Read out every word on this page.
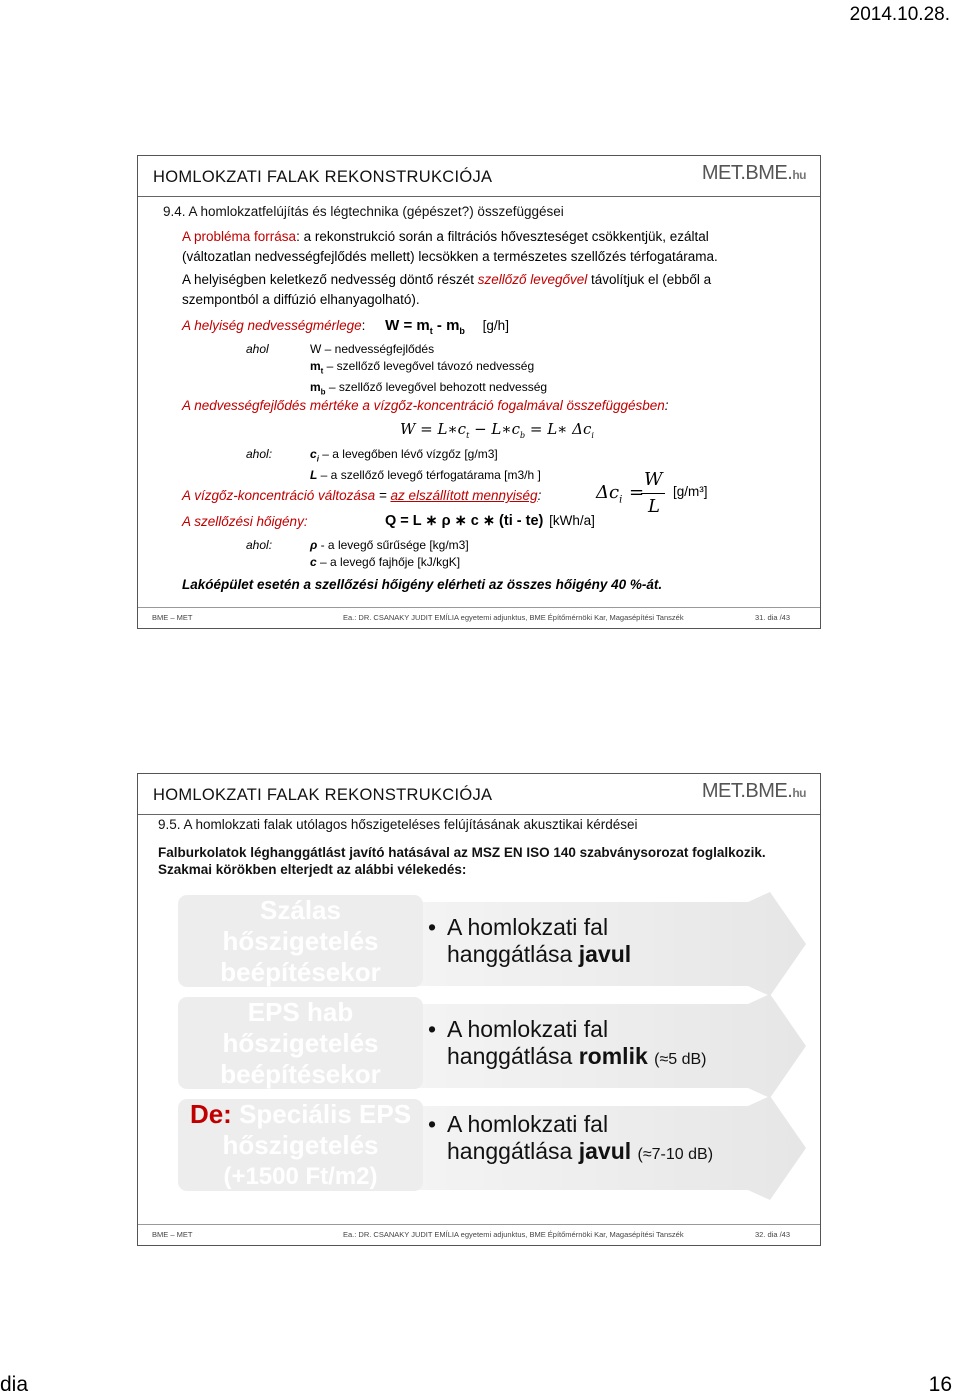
2014.10.28.
HOMLOKZATI FALAK REKONSTRUKCIÓJA	MET.BME.hu
9.4. A homlokzatfelújítás és légtechnika (gépészet?) összefüggései
A probléma forrása: a rekonstrukció során a filtrációs hőveszteséget csökkentjük, ezáltal
(változatlan nedvességfejlődés mellett) lecsökken a természetes szellőzés térfogatárama.
A helyiségben keletkező nedvesség döntő részét szellőző levegővel távolítjuk el (ebből a
szempontból a diffúzió elhanyagolható).
A helyiség nedvességmérlege: $W = m_t - m_b$ [g/h]
ahol	W – nedvességfejlődés
$m_t$ – szellőző levegővel távozó nedvesség
$m_b$ – szellőző levegővel behozott nedvesség
A nedvességfejlődés mértéke a vízgőz-koncentráció fogalmával összefüggésben:
$W = L∗c_t$ − $L∗c_b$ = L∗ $\Delta c_i$
ahol:	$c_i$ – a levegőben lévő vízgőz [g/m3]
L – a szellőző levegő térfogatárama [m3/h ]
A vízgőz-koncentráció változása = az elszállított mennyiség:	$\Delta c_i$ =
W
L
[g/m³]
A szellőzési hőigény:	Q = L ∗ ρ ∗ c ∗ (ti - te) [kWh/a]
ahol:	ρ - a levegő sűrűsége [kg/m3]
c – a levegő fajhője [kJ/kgK]
Lakóépület esetén a szellőzési hőigény elérheti az összes hőigény 40 %-át.
BME – MET	Ea.: DR. CSANAKY JUDIT EMÍLIA egyetemi adjunktus, BME Építőmérnöki Kar, Magasépítési Tanszék	31. dia /43
HOMLOKZATI FALAK REKONSTRUKCIÓJA	MET.BME.hu
9.5. A homlokzati falak utólagos hőszigeteléses felújításának akusztikai kérdései
Falburkolatok léghanggátlást javító hatásával az MSZ EN ISO 140 szabványsorozat foglalkozik.
Szakmai körökben elterjedt az alábbi vélekedés:
Szálas
hőszigetelés
beépítésekor
EPS hab
hőszigetelés
beépítésekor
De: Speciális EPS
hőszigetelés
(+1500 Ft/m2)
• A homlokzati fal
hanggátlása javul
• A homlokzati fal
hanggátlása romlik (≈5 dB)
• A homlokzati fal
hanggátlása javul (≈7-10 dB)
BME – MET	Ea.: DR. CSANAKY JUDIT EMÍLIA egyetemi adjunktus, BME Építőmérnöki Kar, Magasépítési Tanszék	32. dia /43
dia	16
